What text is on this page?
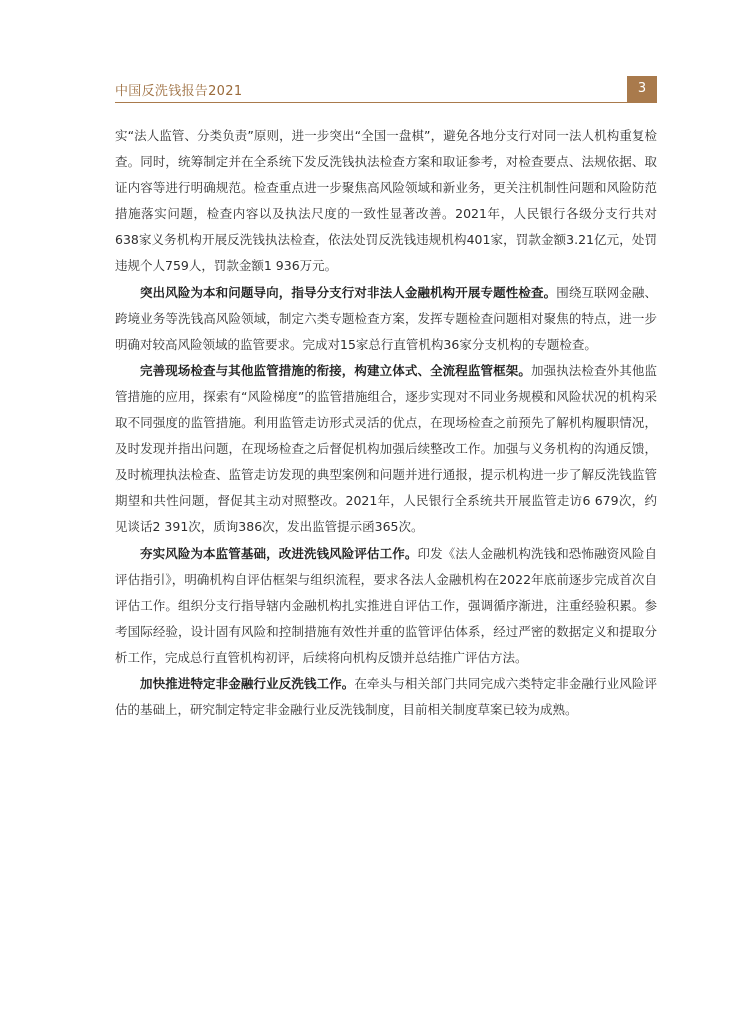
中国反洗钱报告2021	3

实“法人监管、分类负责”原则，进一步突出“全国一盘棋”，避免各地分支行对同一法人机构重复检查。同时，统筹制定并在全系统下发反洗钱执法检查方案和取证参考，对检查要点、法规依据、取证内容等进行明确规范。检查重点进一步聚焦高风险领域和新业务，更关注机制性问题和风险防范措施落实问题，检查内容以及执法尺度的一致性显著改善。2021年，人民银行各级分支行共对638家义务机构开展反洗钱执法检查，依法处罚反洗钱违规机构401家，罚款金额3.21亿元，处罚违规个人759人，罚款金额1 936万元。

突出风险为本和问题导向，指导分支行对非法人金融机构开展专题性检查。围绕互联网金融、跨境业务等洗钱高风险领域，制定六类专题检查方案，发挥专题检查问题相对聚焦的特点，进一步明确对较高风险领域的监管要求。完成对15家总行直管机构36家分支机构的专题检查。

完善现场检查与其他监管措施的衔接，构建立体式、全流程监管框架。加强执法检查外其他监管措施的应用，探索有“风险梯度”的监管措施组合，逐步实现对不同业务规模和风险状况的机构采取不同强度的监管措施。利用监管走访形式灵活的优点，在现场检查之前预先了解机构履职情况，及时发现并指出问题，在现场检查之后督促机构加强后续整改工作。加强与义务机构的沟通反馈，及时梳理执法检查、监管走访发现的典型案例和问题并进行通报，提示机构进一步了解反洗钱监管期望和共性问题，督促其主动对照整改。2021年，人民银行全系统共开展监管走访6 679次，约见谈话2 391次，质询386次，发出监管提示函365次。

夯实风险为本监管基础，改进洗钱风险评估工作。印发《法人金融机构洗钱和恐怖融资风险自评估指引》，明确机构自评估框架与组织流程，要求各法人金融机构在2022年底前逐步完成首次自评估工作。组织分支行指导辖内金融机构扎实推进自评估工作，强调循序渐进，注重经验积累。参考国际经验，设计固有风险和控制措施有效性并重的监管评估体系，经过严密的数据定义和提取分析工作，完成总行直管机构初评，后续将向机构反馈并总结推广评估方法。

加快推进特定非金融行业反洗钱工作。在牵头与相关部门共同完成六类特定非金融行业风险评估的基础上，研究制定特定非金融行业反洗钱制度，目前相关制度草案已较为成熟。
